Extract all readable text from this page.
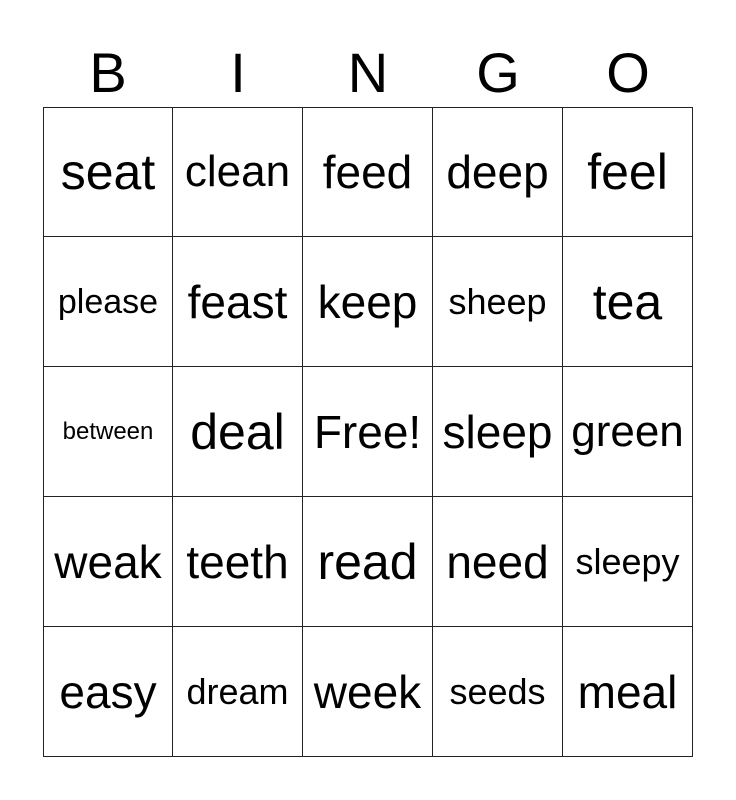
B	I	N	G	O
seat clean feed deep feel
please feast keep sheep tea
between deal Free! sleep green
weak teeth read need sleepy
easy dream week seeds meal
